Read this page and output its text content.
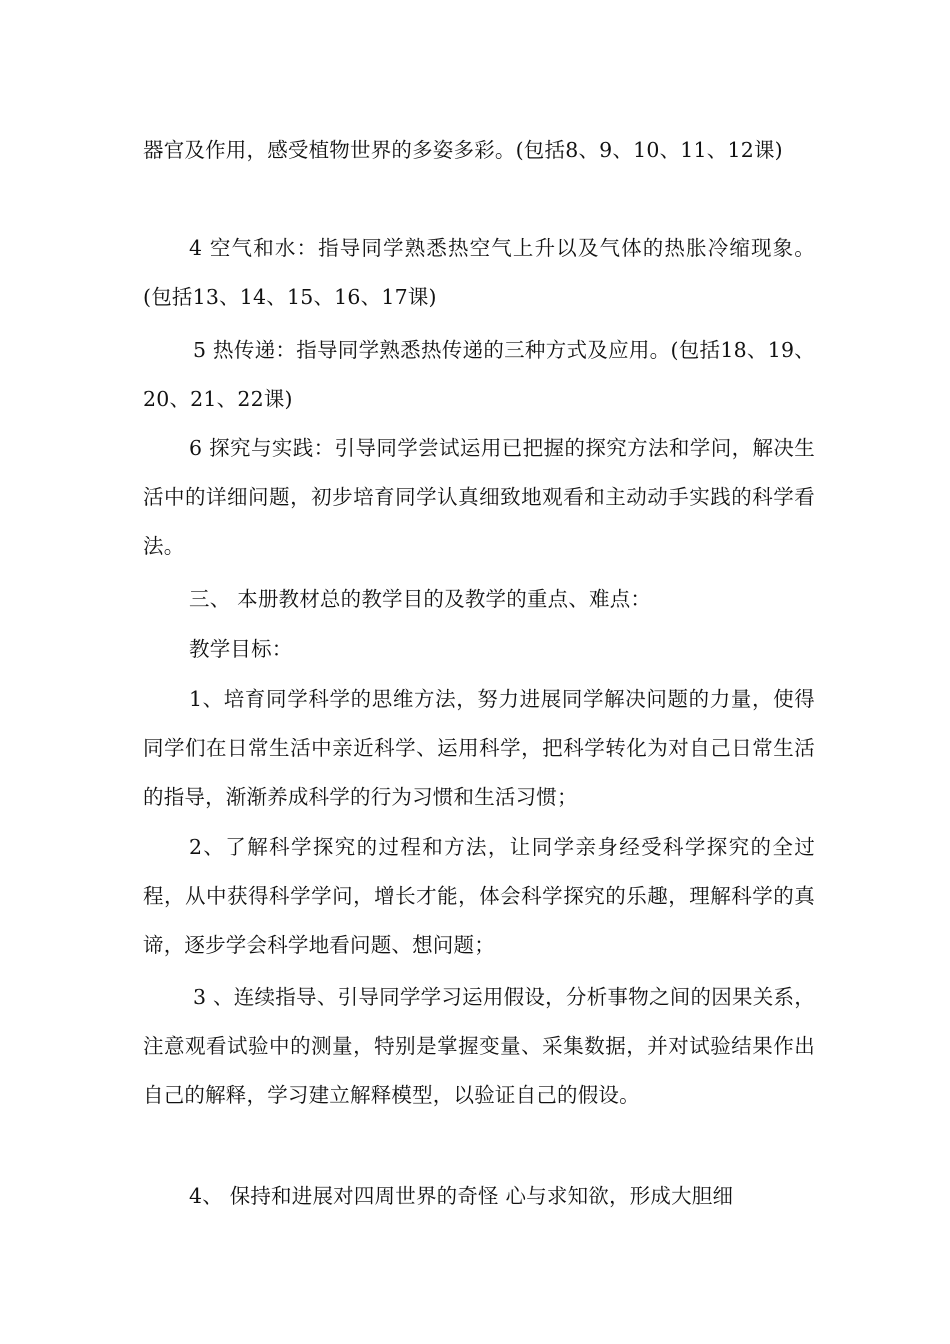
器官及作用，感受植物世界的多姿多彩。(包括8、9、10、11、12课)

4 空气和水：指导同学熟悉热空气上升以及气体的热胀冷缩现象。(包括13、14、15、16、17课)

5 热传递：指导同学熟悉热传递的三种方式及应用。(包括18、19、20、21、22课)

6 探究与实践：引导同学尝试运用已把握的探究方法和学问，解决生活中的详细问题，初步培育同学认真细致地观看和主动动手实践的科学看法。

三、 本册教材总的教学目的及教学的重点、难点：

教学目标：

1、培育同学科学的思维方法，努力进展同学解决问题的力量，使得同学们在日常生活中亲近科学、运用科学，把科学转化为对自己日常生活的指导，渐渐养成科学的行为习惯和生活习惯；

2、了解科学探究的过程和方法，让同学亲身经受科学探究的全过程，从中获得科学学问，增长才能，体会科学探究的乐趣，理解科学的真谛，逐步学会科学地看问题、想问题；

3 、连续指导、引导同学学习运用假设，分析事物之间的因果关系，注意观看试验中的测量，特别是掌握变量、采集数据，并对试验结果作出自己的解释，学习建立解释模型，以验证自己的假设。

4、 保持和进展对四周世界的奇怪 心与求知欲，形成大胆细
